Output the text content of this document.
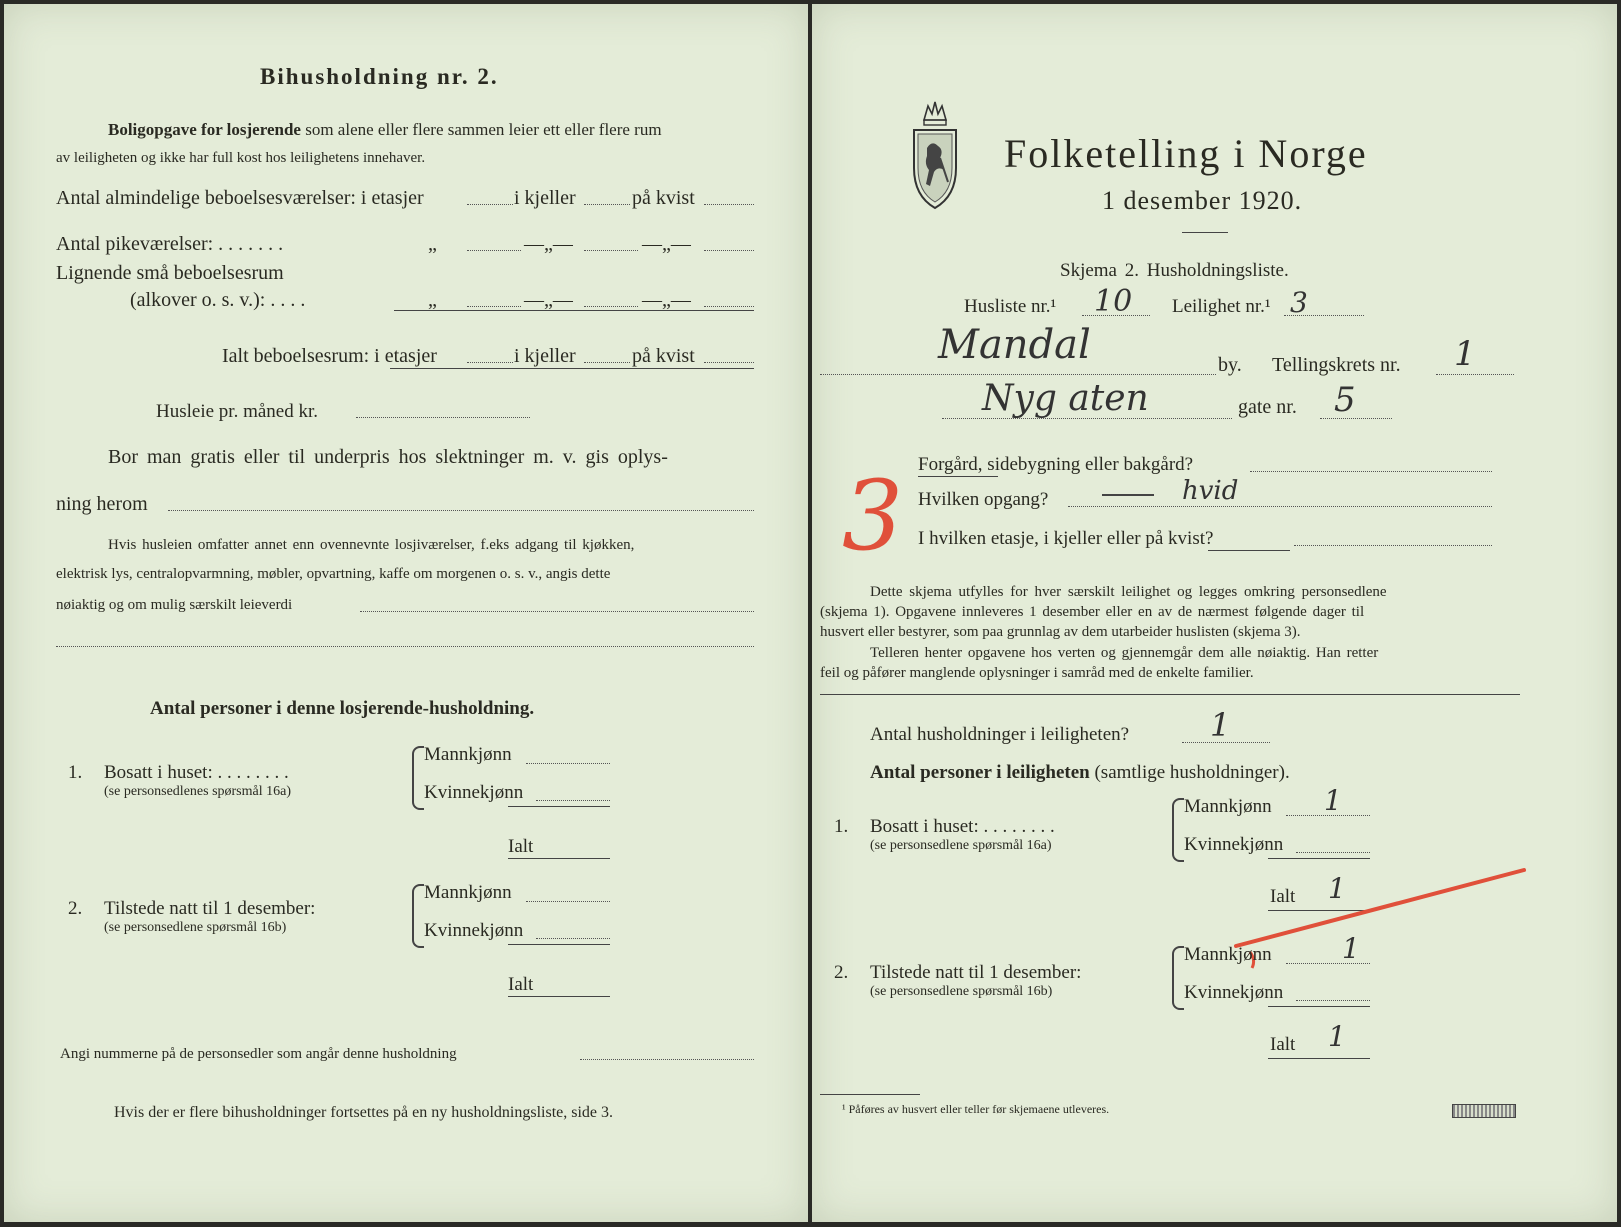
Bihusholdning nr. 2.
Boligopgave for losjerende som alene eller flere sammen leier ett eller flere rum
av leiligheten og ikke har full kost hos leilighetens innehaver.
Antal almindelige beboelsesværelser: i etasjer	i kjeller	på kvist
Antal pikeværelser: . . . . . . .	„	—„—	—„—
Lignende små beboelsesrum
(alkover o. s. v.): . . . .	„	—„—	—„—
Ialt beboelsesrum: i etasjer	i kjeller	på kvist
Husleie pr. måned kr.
Bor man gratis eller til underpris hos slektninger m. v. gis oplys-
ning herom
Hvis husleien omfatter annet enn ovennevnte losjiværelser, f.eks adgang til kjøkken,
elektrisk lys, centralopvarmning, møbler, opvartning, kaffe om morgenen o. s. v., angis dette
nøiaktig og om mulig særskilt leieverdi
Antal personer i denne losjerende-husholdning.
1. Bosatt i huset: . . . . . . . .
(se personsedlenes spørsmål 16a)
Mannkjønn
Kvinnekjønn
Ialt
2. Tilstede natt til 1 desember:
(se personsedlene spørsmål 16b)
Mannkjønn
Kvinnekjønn
Ialt
Angi nummerne på de personsedler som angår denne husholdning
Hvis der er flere bihusholdninger fortsettes på en ny husholdningsliste, side 3.
Folketelling i Norge
1 desember 1920.
Skjema 2. Husholdningsliste.
Husliste nr.¹ 10 Leilighet nr.¹ 3
Mandal	by. Tellingskrets nr. 1
Nyg aten	gate nr. 5
3 Forgård, sidebygning eller bakgård?
Hvilken opgang?	hvid
I hvilken etasje, i kjeller eller på kvist?
Dette skjema utfylles for hver særskilt leilighet og legges omkring personsedlene
(skjema 1). Opgavene innleveres 1 desember eller en av de nærmest følgende dager til
husvert eller bestyrer, som paa grunnlag av dem utarbeider huslisten (skjema 3).
Telleren henter opgavene hos verten og gjennemgår dem alle nøiaktig. Han retter
feil og påfører manglende oplysninger i samråd med de enkelte familier.
Antal husholdninger i leiligheten?	1
Antal personer i leiligheten (samtlige husholdninger).
1. Bosatt i huset: . . . . . . . .
(se personsedlene spørsmål 16a)
Mannkjønn 1
Kvinnekjønn
Ialt 1
2. Tilstede natt til 1 desember:
(se personsedlene spørsmål 16b)
Mannkjønn	1
Kvinnekjønn
Ialt 1
¹ Påføres av husvert eller teller før skjemaene utleveres.
